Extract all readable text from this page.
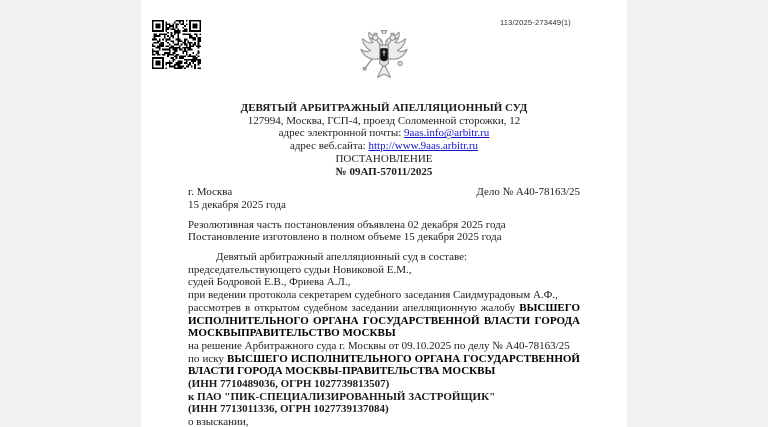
113/2025-273449(1)
ДЕВЯТЫЙ АРБИТРАЖНЫЙ АПЕЛЛЯЦИОННЫЙ СУД
127994, Москва, ГСП-4, проезд Соломенной сторожки, 12
адрес электронной почты: 9aas.info@arbitr.ru
адрес веб.сайта: http://www.9aas.arbitr.ru
ПОСТАНОВЛЕНИЕ
№ 09АП-57011/2025
г. Москва	Дело № А40-78163/25
15 декабря 2025 года
Резолютивная часть постановления объявлена 02 декабря 2025 года
Постановление изготовлено в полном объеме 15 декабря 2025 года
Девятый арбитражный апелляционный суд в составе:
председательствующего судьи Новиковой Е.М.,
судей Бодровой Е.В., Фриева А.Л.,
при ведении протокола секретарем судебного заседания Саидмурадовым А.Ф.,
рассмотрев в открытом судебном заседании апелляционную жалобу ВЫСШЕГО
ИСПОЛНИТЕЛЬНОГО ОРГАНА ГОСУДАРСТВЕННОЙ ВЛАСТИ ГОРОДА
МОСКВЫПРАВИТЕЛЬСТВО МОСКВЫ
на решение Арбитражного суда г. Москвы от 09.10.2025 по делу № А40-78163/25
по иску ВЫСШЕГО ИСПОЛНИТЕЛЬНОГО ОРГАНА ГОСУДАРСТВЕННОЙ
ВЛАСТИ ГОРОДА МОСКВЫ-ПРАВИТЕЛЬСТВА МОСКВЫ
(ИНН 7710489036, ОГРН 1027739813507)
к ПАО "ПИК-СПЕЦИАЛИЗИРОВАННЫЙ ЗАСТРОЙЩИК"
(ИНН 7713011336, ОГРН 1027739137084)
о взыскании,
